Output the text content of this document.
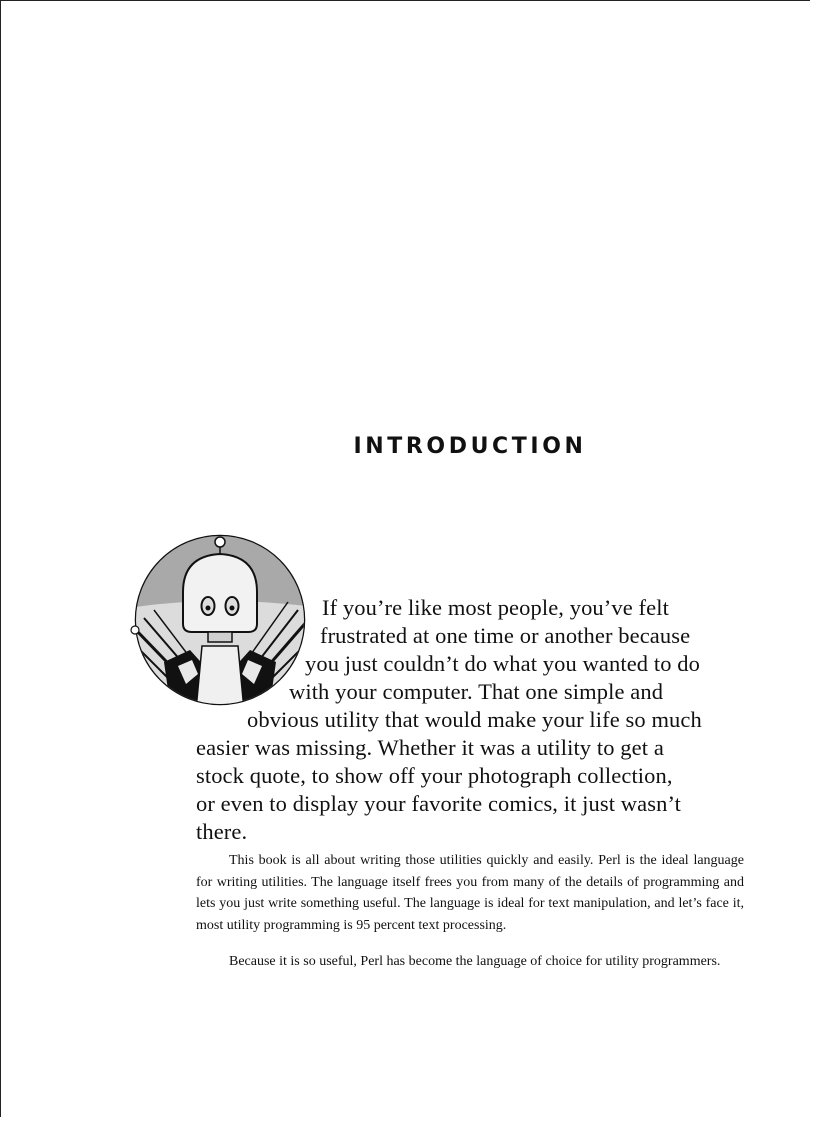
INTRODUCTION

If you’re like most people, you’ve felt

frustrated at one time or another because

you just couldn’t do what you wanted to do

with your computer. That one simple and

obvious utility that would make your life so much

easier was missing. Whether it was a utility to get a

stock quote, to show off your photograph collection,

or even to display your favorite comics, it just wasn’t

there.

This book is all about writing those utilities quickly and easily. Perl is the ideal language for writing utilities. The language itself frees you from many of the details of programming and lets you just write something useful. The language is ideal for text manipulation, and let’s face it, most utility programming is 95 percent text processing.

Because it is so useful, Perl has become the language of choice for utility programmers.
